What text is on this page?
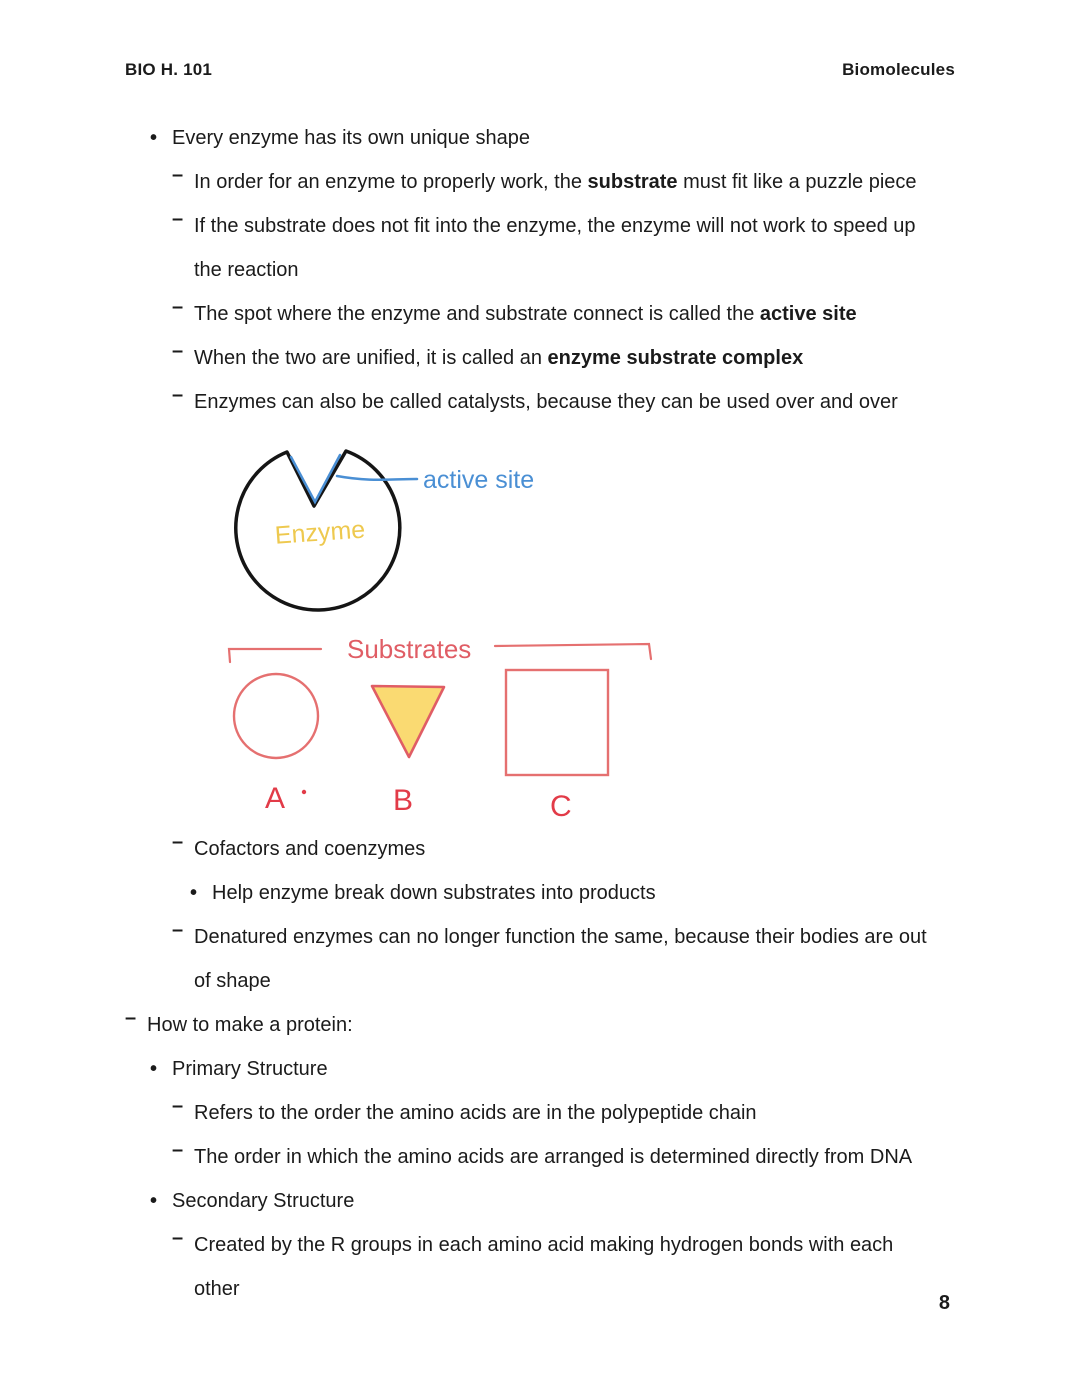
BIO H. 101	Biomolecules
• Every enzyme has its own unique shape
– In order for an enzyme to properly work, the substrate must fit like a puzzle piece
– If the substrate does not fit into the enzyme, the enzyme will not work to speed up the reaction
– The spot where the enzyme and substrate connect is called the active site
– When the two are unified, it is called an enzyme substrate complex
– Enzymes can also be called catalysts, because they can be used over and over
active site
Enzyme
Substrates
A	B	C
– Cofactors and coenzymes
• Help enzyme break down substrates into products
– Denatured enzymes can no longer function the same, because their bodies are out of shape
– How to make a protein:
• Primary Structure
– Refers to the order the amino acids are in the polypeptide chain
– The order in which the amino acids are arranged is determined directly from DNA
• Secondary Structure
– Created by the R groups in each amino acid making hydrogen bonds with each other
8
